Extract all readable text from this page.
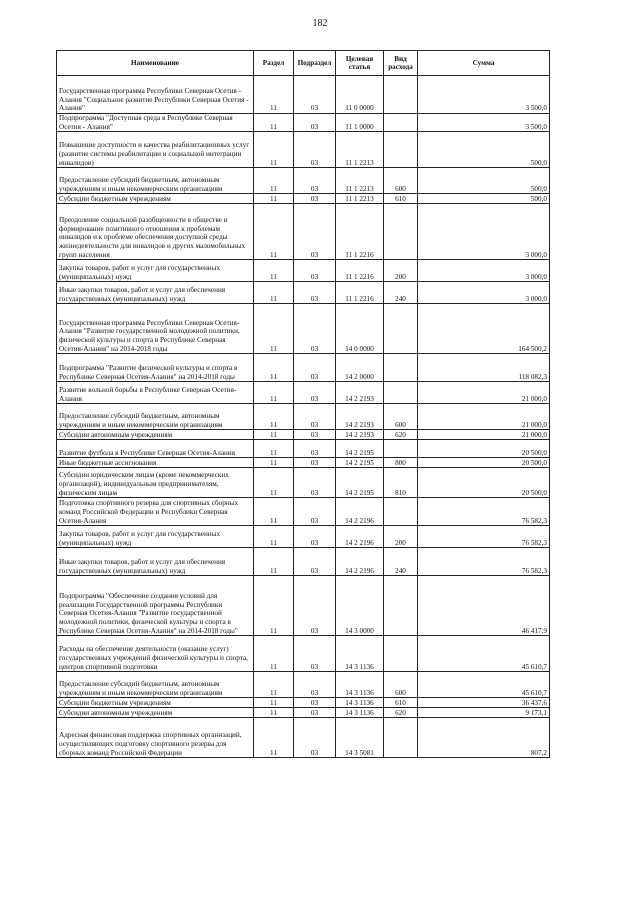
182
Наименование	Раздел	Подраздел	Целевая статья	Вид расхода	Сумма
Государственная программа Республики Северная Осетия - Алания "Социальное развитие Республики Северная Осетия - Алания"	11	03	11 0 0000		3 500,0
Подпрограмма "Доступная среда в Республике Северная Осетия - Алания"	11	03	11 1 0000		3 500,0
Повышение доступности и качества реабилитационных услуг (развитие системы реабилитации и социальной интеграции инвалидов)	11	03	11 1 2213		500,0
Предоставление субсидий бюджетным, автономным учреждениям и иным некоммерческим организациям	11	03	11 1 2213	600	500,0
Субсидии бюджетным учреждениям	11	03	11 1 2213	610	500,0
Преодоление социальной разобщенности в обществе и формирование позитивного отношения к проблемам инвалидов и к проблеме обеспечения доступной среды жизнедеятельности для инвалидов и других маломобильных групп населения	11	03	11 1 2216		3 000,0
Закупка товаров, работ и услуг для государственных (муниципальных) нужд	11	03	11 1 2216	200	3 000,0
Иные закупки товаров, работ и услуг для обеспечения государственных (муниципальных) нужд	11	03	11 1 2216	240	3 000,0
Государственная программа Республики Северная Осетия-Алания "Развитие государственной молодежной политики, физической культуры и спорта в Республике Северная Осетия-Алания" на 2014-2018 годы	11	03	14 0 0000		164 500,2
Подпрограмма "Развитие физической культуры и спорта в Республике Северная Осетия-Алания" на 2014-2018 годы	11	03	14 2 0000		118 082,3
Развитие вольной борьбы в Республике Северная Осетия-Алания	11	03	14 2 2193		21 000,0
Предоставление субсидий бюджетным, автономным учреждениям и иным некоммерческим организациям	11	03	14 2 2193	600	21 000,0
Субсидии автономным учреждениям	11	03	14 2 2193	620	21 000,0
Развитие футбола в Республике Северная Осетия-Алания	11	03	14 2 2195		20 500,0
Иные бюджетные ассигнования	11	03	14 2 2195	800	20 500,0
Субсидии юридическим лицам (кроме некоммерческих организаций), индивидуальным предпринимателям, физическим лицам	11	03	14 2 2195	810	20 500,0
Подготовка спортивного резерва для спортивных сборных команд Российской Федерации и Республики Северная Осетия-Алания	11	03	14 2 2196		76 582,3
Закупка товаров, работ и услуг для государственных (муниципальных) нужд	11	03	14 2 2196	200	76 582,3
Иные закупки товаров, работ и услуг для обеспечения государственных (муниципальных) нужд	11	03	14 2 2196	240	76 582,3
Подпрограмма "Обеспечение создания условий для реализации Государственной программы Республики Северная Осетия-Алания "Развитие государственной молодежной политики, физической культуры и спорта в Республике Северная Осетия-Алания" на 2014-2018 годы"	11	03	14 3 0000		46 417,9
Расходы на обеспечение деятельности (оказание услуг) государственных учреждений физической культуры и спорта, центров спортивной подготовки	11	03	14 3 1136		45 610,7
Предоставление субсидий бюджетным, автономным учреждениям и иным некоммерческим организациям	11	03	14 3 1136	600	45 610,7
Субсидии бюджетным учреждениям	11	03	14 3 1136	610	36 437,6
Субсидии автономным учреждениям	11	03	14 3 1136	620	9 173,1
Адресная финансовая поддержка спортивных организаций, осуществляющих подготовку спортивного резерва для сборных команд Российской Федерации	11	03	14 3 5081		807,2
